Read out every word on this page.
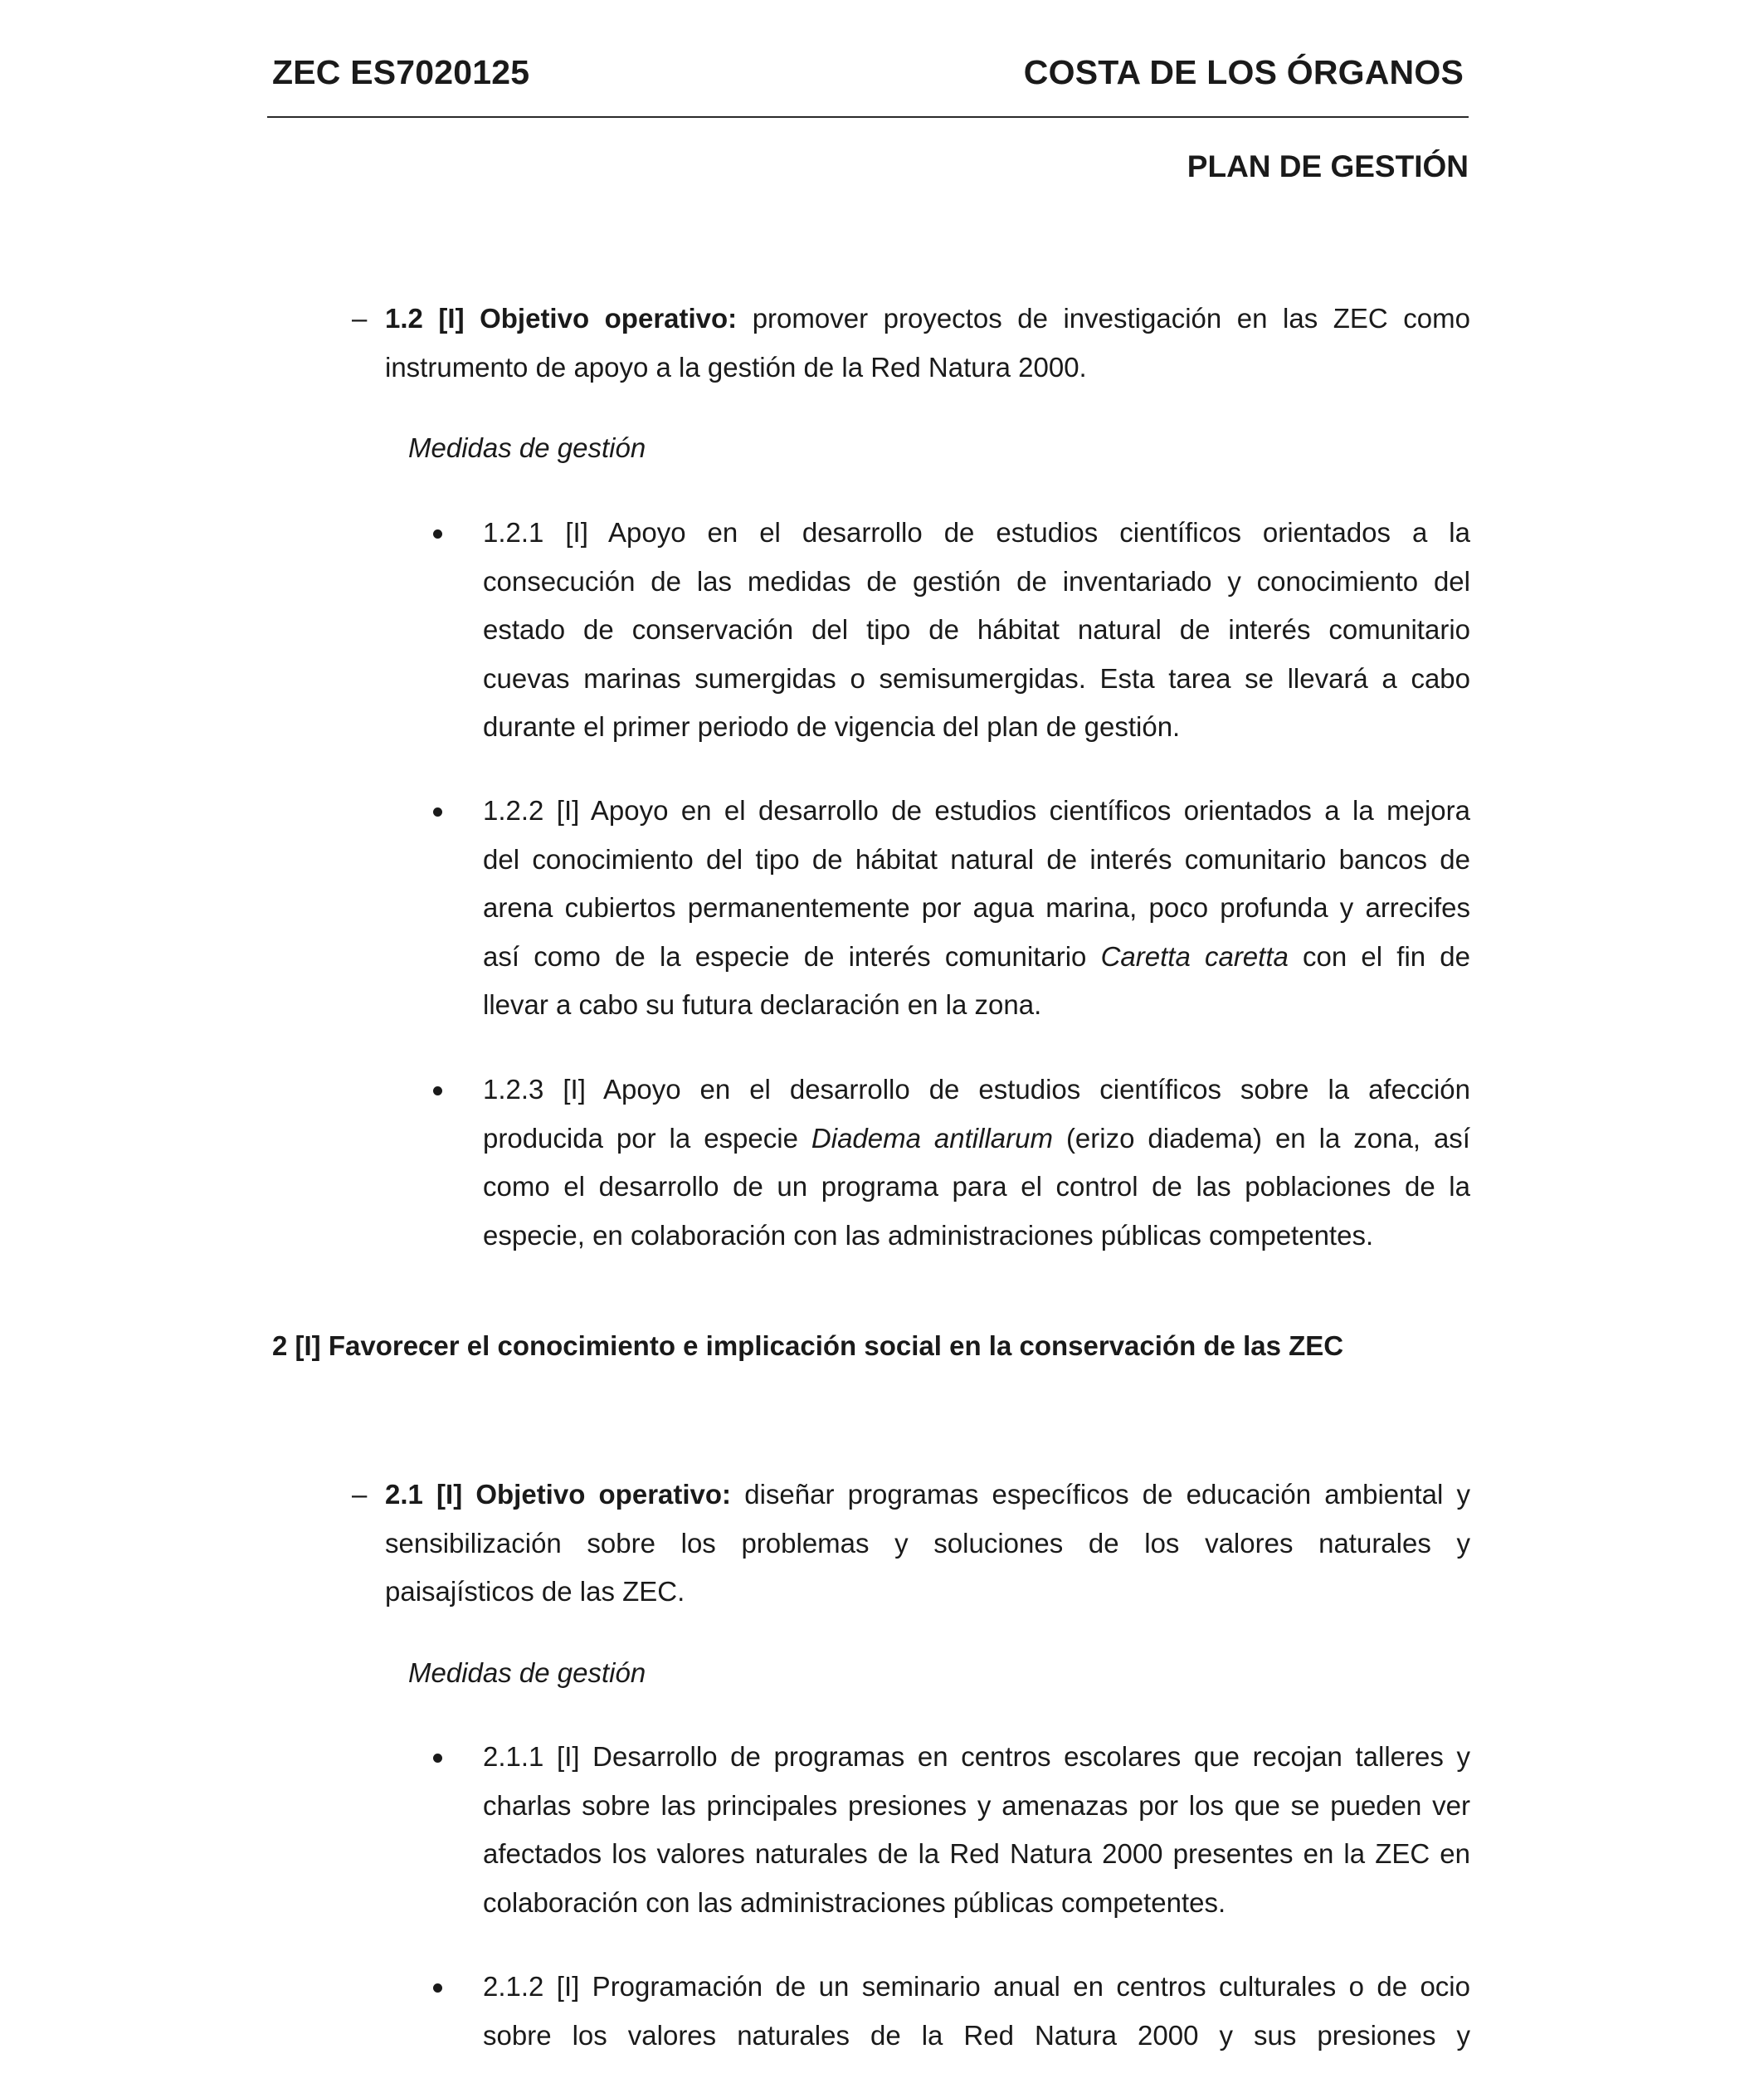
ZEC ES7020125	COSTA DE LOS ÓRGANOS
PLAN DE GESTIÓN
– 1.2 [I] Objetivo operativo: promover proyectos de investigación en las ZEC como
instrumento de apoyo a la gestión de la Red Natura 2000.
Medidas de gestión
1.2.1 [I] Apoyo en el desarrollo de estudios científicos orientados a la
consecución de las medidas de gestión de inventariado y conocimiento del
estado de conservación del tipo de hábitat natural de interés comunitario
cuevas marinas sumergidas o semisumergidas. Esta tarea se llevará a cabo
durante el primer periodo de vigencia del plan de gestión.
1.2.2 [I] Apoyo en el desarrollo de estudios científicos orientados a la mejora
del conocimiento del tipo de hábitat natural de interés comunitario bancos de
arena cubiertos permanentemente por agua marina, poco profunda y arrecifes
así como de la especie de interés comunitario Caretta caretta con el fin de
llevar a cabo su futura declaración en la zona.
1.2.3 [I] Apoyo en el desarrollo de estudios científicos sobre la afección
producida por la especie Diadema antillarum (erizo diadema) en la zona, así
como el desarrollo de un programa para el control de las poblaciones de la
especie, en colaboración con las administraciones públicas competentes.
2 [I] Favorecer el conocimiento e implicación social en la conservación de las ZEC
– 2.1 [I] Objetivo operativo: diseñar programas específicos de educación ambiental y
sensibilización sobre los problemas y soluciones de los valores naturales y
paisajísticos de las ZEC.
Medidas de gestión
2.1.1 [I] Desarrollo de programas en centros escolares que recojan talleres y
charlas sobre las principales presiones y amenazas por los que se pueden ver
afectados los valores naturales de la Red Natura 2000 presentes en la ZEC en
colaboración con las administraciones públicas competentes.
2.1.2 [I] Programación de un seminario anual en centros culturales o de ocio
sobre los valores naturales de la Red Natura 2000 y sus presiones y
